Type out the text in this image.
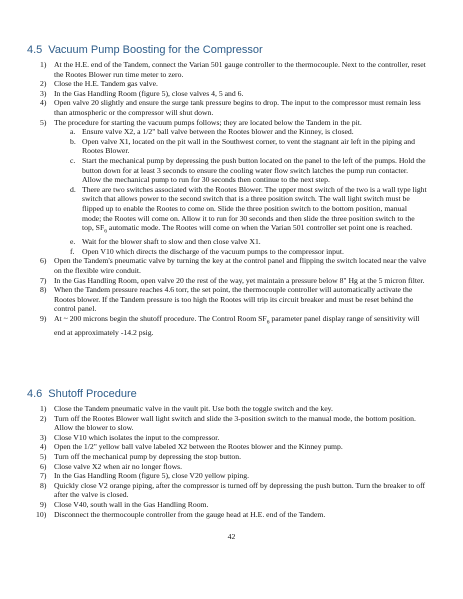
4.5 Vacuum Pump Boosting for the Compressor
1) At the H.E. end of the Tandem, connect the Varian 501 gauge controller to the thermocouple. Next to the controller, reset the Rootes Blower run time meter to zero.
2) Close the H.E. Tandem gas valve.
3) In the Gas Handling Room (figure 5), close valves 4, 5 and 6.
4) Open valve 20 slightly and ensure the surge tank pressure begins to drop. The input to the compressor must remain less than atmospheric or the compressor will shut down.
5) The procedure for starting the vacuum pumps follows; they are located below the Tandem in the pit.
a. Ensure valve X2, a 1/2" ball valve between the Rootes blower and the Kinney, is closed.
b. Open valve X1, located on the pit wall in the Southwest corner, to vent the stagnant air left in the piping and Rootes Blower.
c. Start the mechanical pump by depressing the push button located on the panel to the left of the pumps. Hold the button down for at least 3 seconds to ensure the cooling water flow switch latches the pump run contacter. Allow the mechanical pump to run for 30 seconds then continue to the next step.
d. There are two switches associated with the Rootes Blower. The upper most switch of the two is a wall type light switch that allows power to the second switch that is a three position switch. The wall light switch must be flipped up to enable the Rootes to come on. Slide the three position switch to the bottom position, manual mode; the Rootes will come on. Allow it to run for 30 seconds and then slide the three position switch to the top, $SF_6$ automatic mode. The Rootes will come on when the Varian 501 controller set point one is reached.
e. Wait for the blower shaft to slow and then close valve X1.
f. Open V10 which directs the discharge of the vacuum pumps to the compressor input.
6) Open the Tandem's pneumatic valve by turning the key at the control panel and flipping the switch located near the valve on the flexible wire conduit.
7) In the Gas Handling Room, open valve 20 the rest of the way, yet maintain a pressure below 8" Hg at the 5 micron filter.
8) When the Tandem pressure reaches 4.6 torr, the set point, the thermocouple controller will automatically activate the Rootes blower. If the Tandem pressure is too high the Rootes will trip its circuit breaker and must be reset behind the control panel.
9) At ~ 200 microns begin the shutoff procedure. The Control Room $SF_6$ parameter panel display range of sensitivity will end at approximately -14.2 psig.
4.6 Shutoff Procedure
1) Close the Tandem pneumatic valve in the vault pit. Use both the toggle switch and the key.
2) Turn off the Rootes Blower wall light switch and slide the 3-position switch to the manual mode, the bottom position. Allow the blower to slow.
3) Close V10 which isolates the input to the compressor.
4) Open the 1/2" yellow ball valve labeled X2 between the Rootes blower and the Kinney pump.
5) Turn off the mechanical pump by depressing the stop button.
6) Close valve X2 when air no longer flows.
7) In the Gas Handling Room (figure 5), close V20 yellow piping.
8) Quickly close V2 orange piping, after the compressor is turned off by depressing the push button. Turn the breaker to off after the valve is closed.
9) Close V40, south wall in the Gas Handling Room.
10) Disconnect the thermocouple controller from the gauge head at H.E. end of the Tandem.
42
